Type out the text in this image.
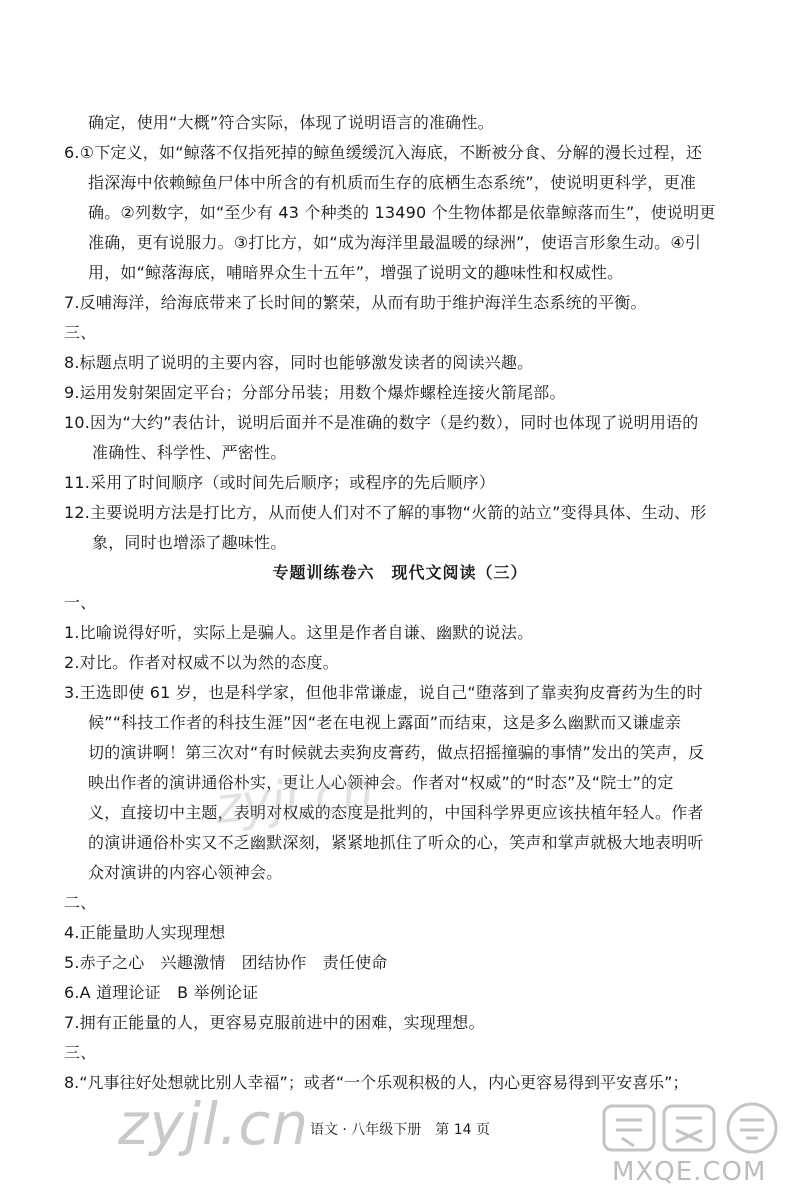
确定，使用“大概”符合实际，体现了说明语言的准确性。
6.①下定义，如“鲸落不仅指死掉的鲸鱼缓缓沉入海底，不断被分食、分解的漫长过程，还
指深海中依赖鲸鱼尸体中所含的有机质而生存的底栖生态系统”，使说明更科学，更准
确。②列数字，如“至少有 43 个种类的 13490 个生物体都是依靠鲸落而生”，使说明更
准确，更有说服力。③打比方，如“成为海洋里最温暖的绿洲”，使语言形象生动。④引
用，如“鲸落海底，哺暗界众生十五年”，增强了说明文的趣味性和权威性。
7.反哺海洋，给海底带来了长时间的繁荣，从而有助于维护海洋生态系统的平衡。
三、
8.标题点明了说明的主要内容，同时也能够激发读者的阅读兴趣。
9.运用发射架固定平台；分部分吊装；用数个爆炸螺栓连接火箭尾部。
10.因为“大约”表估计，说明后面并不是准确的数字（是约数），同时也体现了说明用语的
准确性、科学性、严密性。
11.采用了时间顺序（或时间先后顺序；或程序的先后顺序）
12.主要说明方法是打比方，从而使人们对不了解的事物“火箭的站立”变得具体、生动、形
象，同时也增添了趣味性。
专题训练卷六　现代文阅读（三）
一、
1.比喻说得好听，实际上是骗人。这里是作者自谦、幽默的说法。
2.对比。作者对权威不以为然的态度。
3.王选即使 61 岁，也是科学家，但他非常谦虚，说自己“堕落到了靠卖狗皮膏药为生的时
候”“科技工作者的科技生涯”因“老在电视上露面”而结束，这是多么幽默而又谦虚亲
切的演讲啊！第三次对“有时候就去卖狗皮膏药，做点招摇撞骗的事情”发出的笑声，反
映出作者的演讲通俗朴实，更让人心领神会。作者对“权威”的“时态”及“院士”的定
义，直接切中主题，表明对权威的态度是批判的，中国科学界更应该扶植年轻人。作者
的演讲通俗朴实又不乏幽默深刻，紧紧地抓住了听众的心，笑声和掌声就极大地表明听
众对演讲的内容心领神会。
二、
4.正能量助人实现理想
5.赤子之心　兴趣激情　团结协作　责任使命
6.A 道理论证　B 举例论证
7.拥有正能量的人，更容易克服前进中的困难，实现理想。
三、
8.“凡事往好处想就比别人幸福”；或者“一个乐观积极的人，内心更容易得到平安喜乐”；
zyjl.cn
zyjl.cn 语文 · 八年级下册　第 14 页
MXQE.COM
